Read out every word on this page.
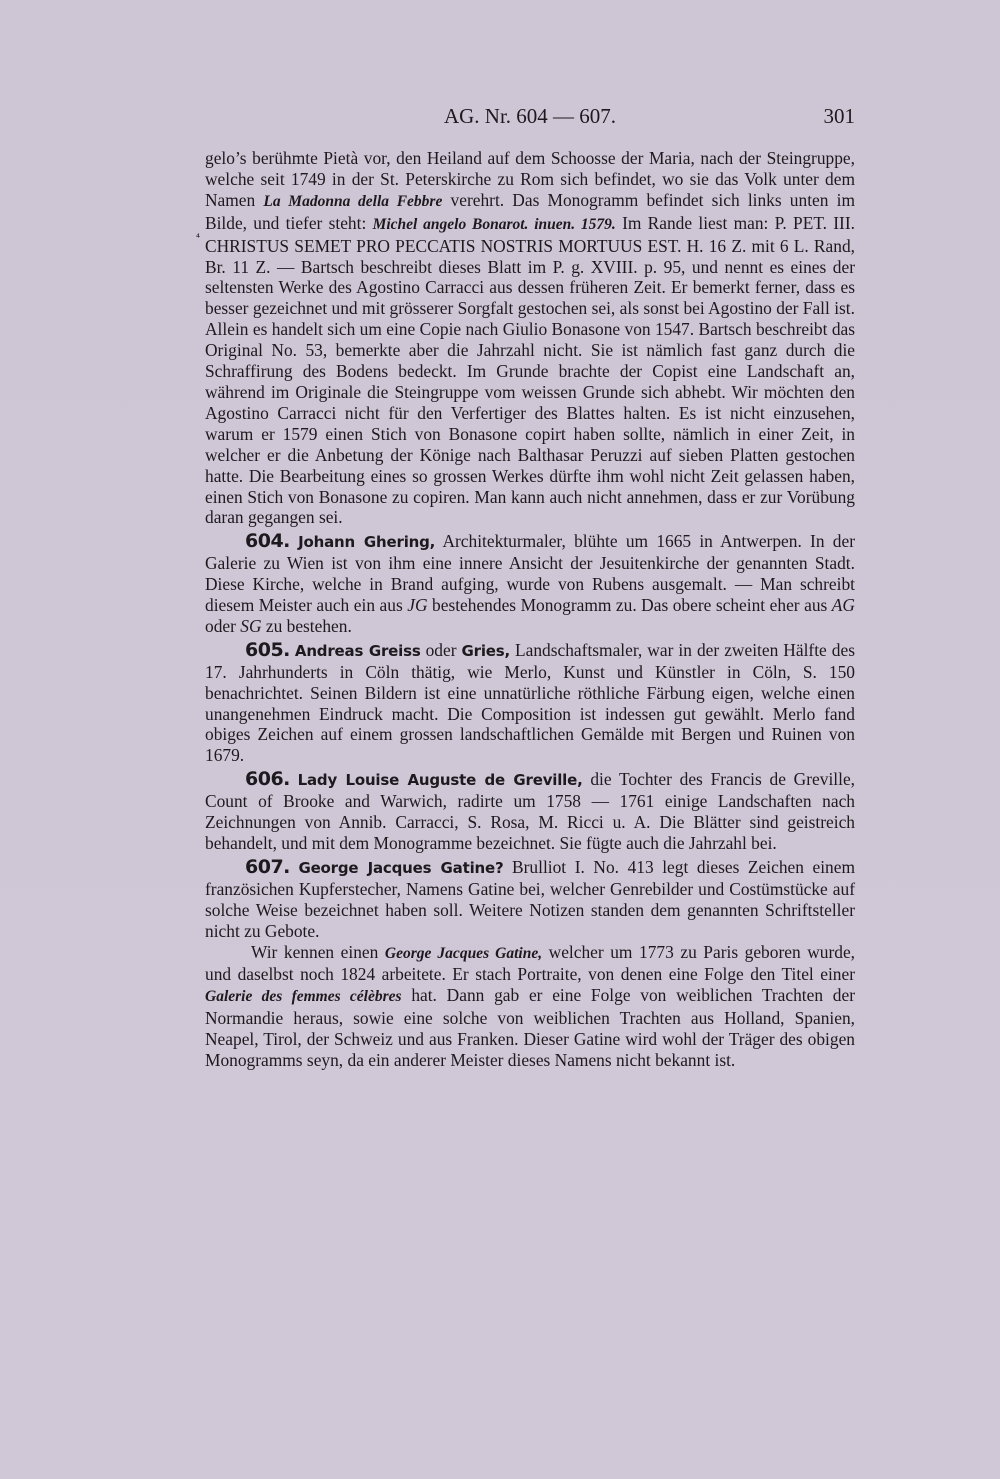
AG. Nr. 604 — 607.	301
⁴

gelo’s berühmte Pietà vor, den Heiland auf dem Schoosse der Maria, nach der Steingruppe, welche seit 1749 in der St. Peterskirche zu Rom sich befindet, wo sie das Volk unter dem Namen La Madonna della Febbre verehrt. Das Monogramm befindet sich links unten im Bilde, und tiefer steht: Michel angelo Bonarot. inuen. 1579. Im Rande liest man: P. PET. III. CHRISTUS SEMET PRO PECCATIS NOSTRIS MORTUUS EST. H. 16 Z. mit 6 L. Rand, Br. 11 Z. — Bartsch beschreibt dieses Blatt im P. g. XVIII. p. 95, und nennt es eines der seltensten Werke des Agostino Carracci aus dessen früheren Zeit. Er bemerkt ferner, dass es besser gezeichnet und mit grösserer Sorgfalt gestochen sei, als sonst bei Agostino der Fall ist. Allein es handelt sich um eine Copie nach Giulio Bonasone von 1547. Bartsch beschreibt das Original No. 53, bemerkte aber die Jahrzahl nicht. Sie ist nämlich fast ganz durch die Schraffirung des Bodens bedeckt. Im Grunde brachte der Copist eine Landschaft an, während im Originale die Steingruppe vom weissen Grunde sich abhebt. Wir möchten den Agostino Carracci nicht für den Verfertiger des Blattes halten. Es ist nicht einzusehen, warum er 1579 einen Stich von Bonasone copirt haben sollte, nämlich in einer Zeit, in welcher er die Anbetung der Könige nach Balthasar Peruzzi auf sieben Platten gestochen hatte. Die Bearbeitung eines so grossen Werkes dürfte ihm wohl nicht Zeit gelassen haben, einen Stich von Bonasone zu copiren. Man kann auch nicht annehmen, dass er zur Vorübung daran gegangen sei.

604. Johann Ghering, Architekturmaler, blühte um 1665 in Antwerpen. In der Galerie zu Wien ist von ihm eine innere Ansicht der Jesuitenkirche der genannten Stadt. Diese Kirche, welche in Brand aufging, wurde von Rubens ausgemalt. — Man schreibt diesem Meister auch ein aus JG bestehendes Monogramm zu. Das obere scheint eher aus AG oder SG zu bestehen.

605. Andreas Greiss oder Gries, Landschaftsmaler, war in der zweiten Hälfte des 17. Jahrhunderts in Cöln thätig, wie Merlo, Kunst und Künstler in Cöln, S. 150 benachrichtet. Seinen Bildern ist eine unnatürliche röthliche Färbung eigen, welche einen unangenehmen Eindruck macht. Die Composition ist indessen gut gewählt. Merlo fand obiges Zeichen auf einem grossen landschaftlichen Gemälde mit Bergen und Ruinen von 1679.

606. Lady Louise Auguste de Greville, die Tochter des Francis de Greville, Count of Brooke and Warwich, radirte um 1758 — 1761 einige Landschaften nach Zeichnungen von Annib. Carracci, S. Rosa, M. Ricci u. A. Die Blätter sind geistreich behandelt, und mit dem Monogramme bezeichnet. Sie fügte auch die Jahrzahl bei.

607. George Jacques Gatine? Brulliot I. No. 413 legt dieses Zeichen einem französichen Kupferstecher, Namens Gatine bei, welcher Genrebilder und Costümstücke auf solche Weise bezeichnet haben soll. Weitere Notizen standen dem genannten Schriftsteller nicht zu Gebote.

Wir kennen einen George Jacques Gatine, welcher um 1773 zu Paris geboren wurde, und daselbst noch 1824 arbeitete. Er stach Portraite, von denen eine Folge den Titel einer Galerie des femmes célèbres hat. Dann gab er eine Folge von weiblichen Trachten der Normandie heraus, sowie eine solche von weiblichen Trachten aus Holland, Spanien, Neapel, Tirol, der Schweiz und aus Franken. Dieser Gatine wird wohl der Träger des obigen Monogramms seyn, da ein anderer Meister dieses Namens nicht bekannt ist.
